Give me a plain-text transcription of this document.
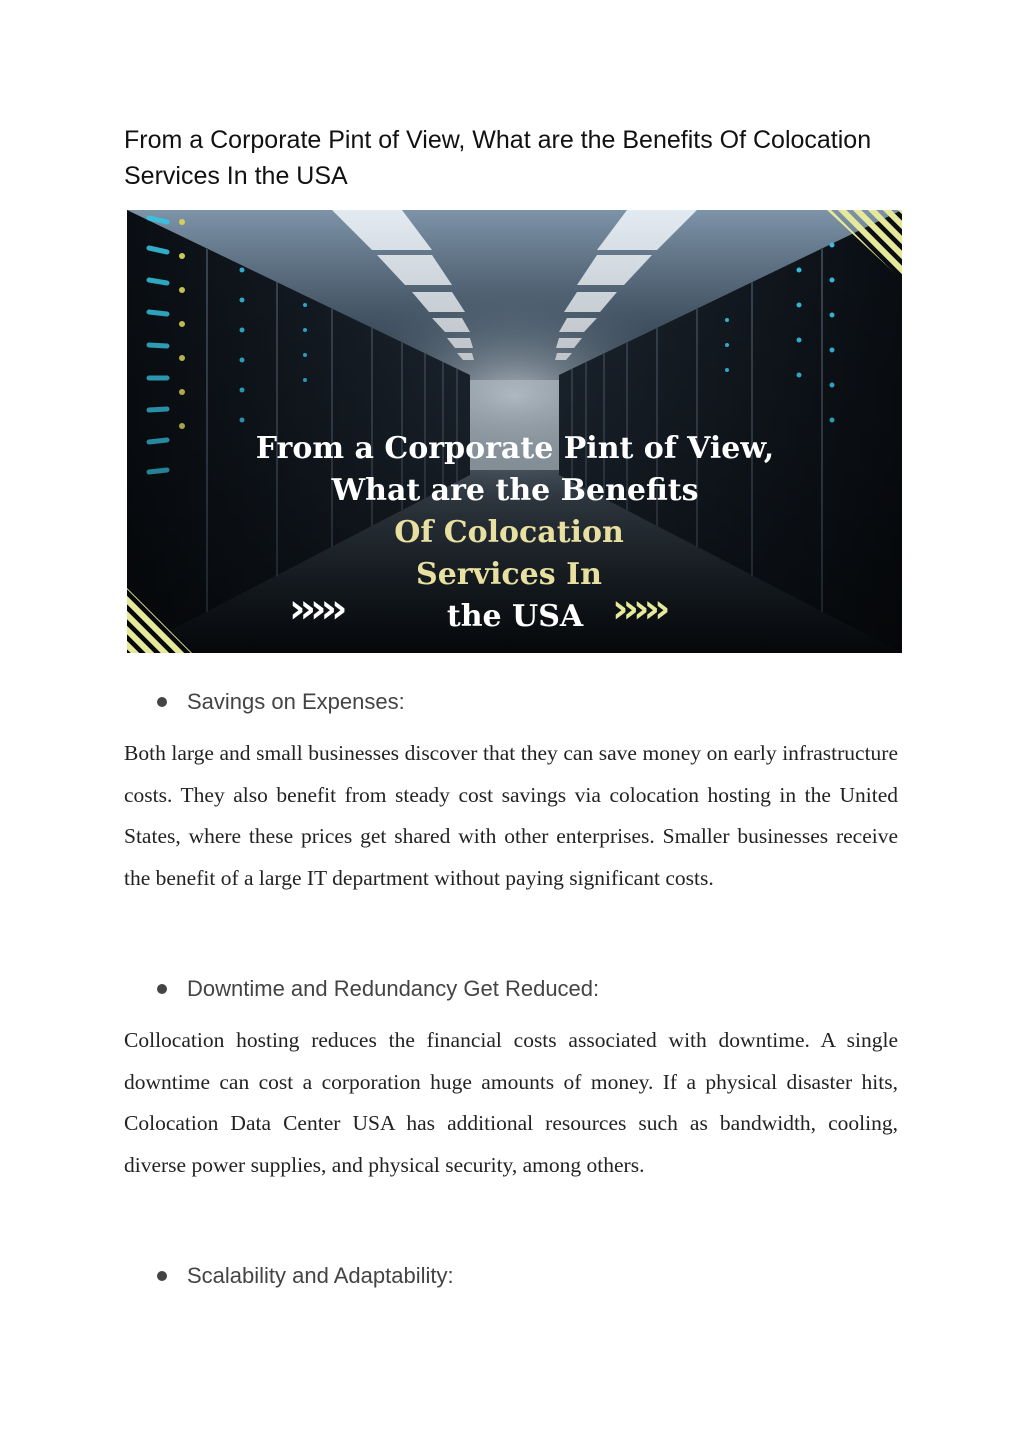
From a Corporate Pint of View, What are the Benefits Of Colocation Services In the USA
From a Corporate Pint of View,
What are the Benefits
Of Colocation
Services In
the USA
›››››	›››››
Savings on Expenses:

Both large and small businesses discover that they can save money on early infrastructure costs. They also benefit from steady cost savings via colocation hosting in the United States, where these prices get shared with other enterprises. Smaller businesses receive the benefit of a large IT department without paying significant costs.

Downtime and Redundancy Get Reduced:

Collocation hosting reduces the financial costs associated with downtime. A single downtime can cost a corporation huge amounts of money. If a physical disaster hits, Colocation Data Center USA has additional resources such as bandwidth, cooling, diverse power supplies, and physical security, among others.

Scalability and Adaptability:
